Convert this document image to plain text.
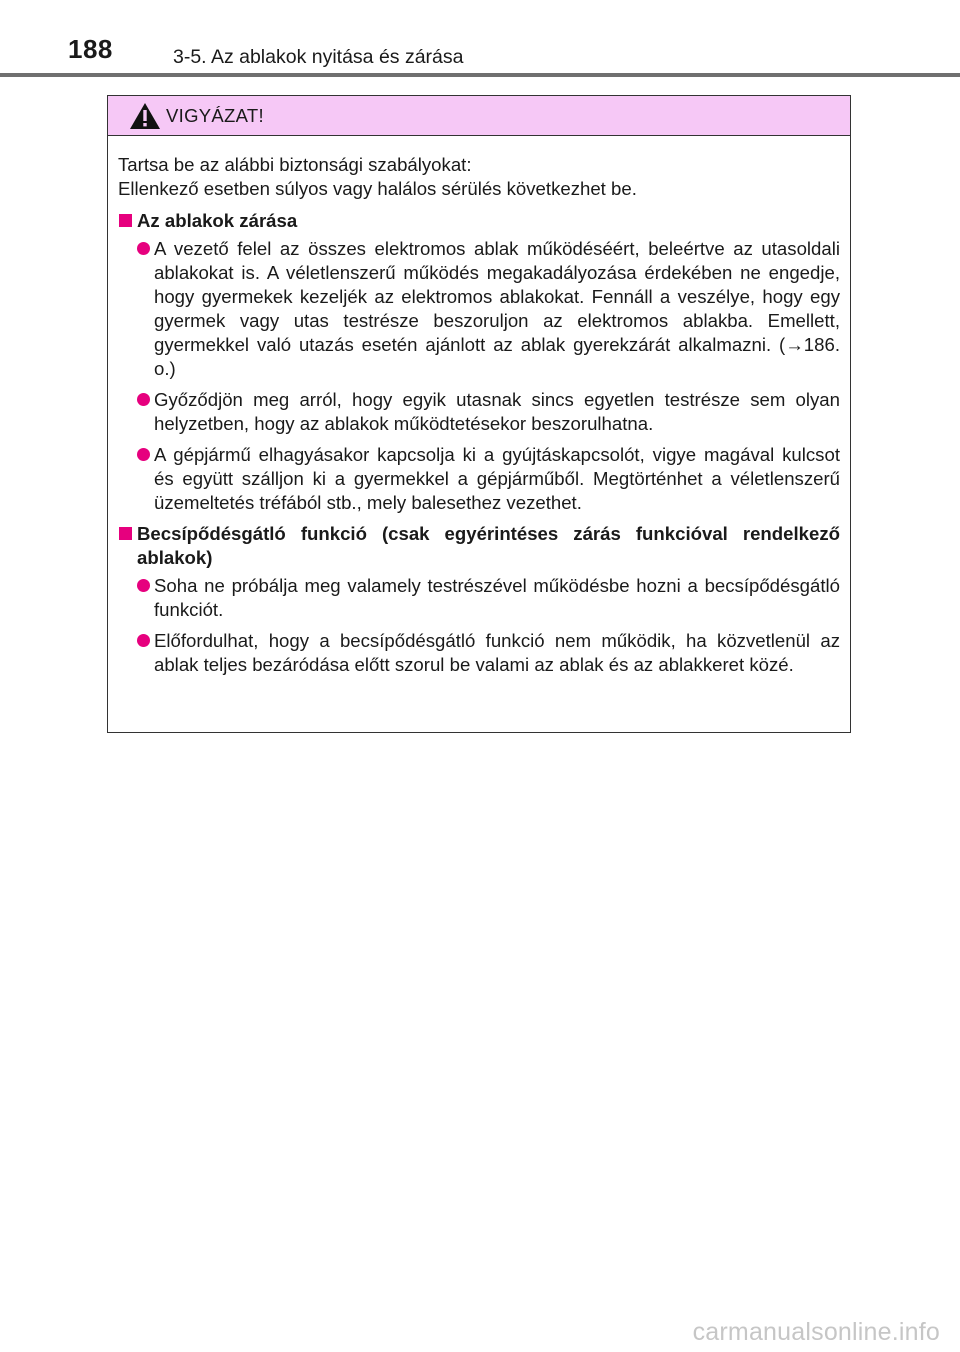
188	3-5. Az ablakok nyitása és zárása
VIGYÁZAT!

Tartsa be az alábbi biztonsági szabályokat:
Ellenkező esetben súlyos vagy halálos sérülés következhet be.

Az ablakok zárása
A vezető felel az összes elektromos ablak működéséért, beleértve az utasoldali ablakokat is. A véletlenszerű működés megakadályozása érdekében ne engedje, hogy gyermekek kezeljék az elektromos ablakokat. Fennáll a veszélye, hogy egy gyermek vagy utas testrésze beszoruljon az elektromos ablakba. Emellett, gyermekkel való utazás esetén ajánlott az ablak gyerekzárát alkalmazni. (→186. o.)
Győződjön meg arról, hogy egyik utasnak sincs egyetlen testrésze sem olyan helyzetben, hogy az ablakok működtetésekor beszorulhatna.
A gépjármű elhagyásakor kapcsolja ki a gyújtáskapcsolót, vigye magával kulcsot és együtt szálljon ki a gyermekkel a gépjárműből. Megtörténhet a véletlenszerű üzemeltetés tréfából stb., mely balesethez vezethet.
Becsípődésgátló funkció (csak egyérintéses zárás funkcióval rendelkező ablakok)
Soha ne próbálja meg valamely testrészével működésbe hozni a becsípődésgátló funkciót.
Előfordulhat, hogy a becsípődésgátló funkció nem működik, ha közvetlenül az ablak teljes bezáródása előtt szorul be valami az ablak és az ablakkeret közé.
carmanualsonline.info
